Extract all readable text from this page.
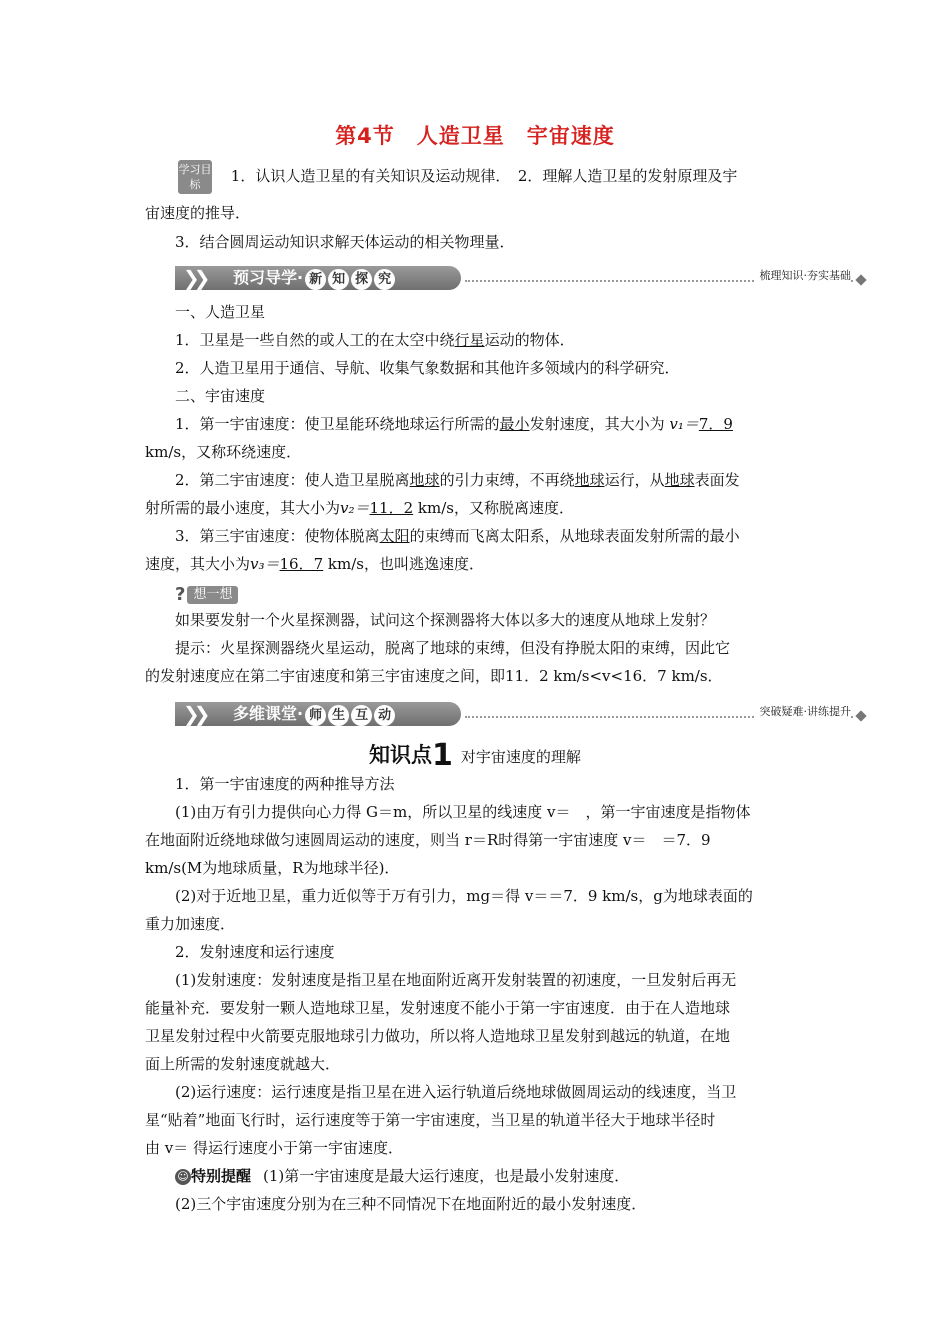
第4节　人造卫星　宇宙速度
学习目标 1．认识人造卫星的有关知识及运动规律．　2．理解人造卫星的发射原理及宇
宙速度的推导．
3．结合圆周运动知识求解天体运动的相关物理量．
❯❯ 预习导学· 新 知 探 究	梳理知识·夯实基础
一、人造卫星
1．卫星是一些自然的或人工的在太空中绕行星运动的物体．
2．人造卫星用于通信、导航、收集气象数据和其他许多领域内的科学研究．
二、宇宙速度
1．第一宇宙速度：使卫星能环绕地球运行所需的最小发射速度，其大小为 v₁＝7．9
km/s，又称环绕速度．
2．第二宇宙速度：使人造卫星脱离地球的引力束缚，不再绕地球运行，从地球表面发
射所需的最小速度，其大小为v₂＝11．2 km/s，又称脱离速度．
3．第三宇宙速度：使物体脱离太阳的束缚而飞离太阳系，从地球表面发射所需的最小
速度，其大小为v₃＝16．7 km/s，也叫逃逸速度．
? 想一想
如果要发射一个火星探测器，试问这个探测器将大体以多大的速度从地球上发射？
提示：火星探测器绕火星运动，脱离了地球的束缚，但没有挣脱太阳的束缚，因此它
的发射速度应在第二宇宙速度和第三宇宙速度之间，即11．2 km/s<v<16．7 km/s．
❯❯ 多维课堂· 师 生 互 动	突破疑难·讲练提升
知识点1 对宇宙速度的理解
1．第一宇宙速度的两种推导方法
(1)由万有引力提供向心力得 G＝m，所以卫星的线速度 v＝　，第一宇宙速度是指物体
在地面附近绕地球做匀速圆周运动的速度，则当 r＝R时得第一宇宙速度 v＝　＝7．9
km/s(M为地球质量，R为地球半径)．
(2)对于近地卫星，重力近似等于万有引力，mg＝得 v＝＝7．9 km/s，g为地球表面的
重力加速度．
2．发射速度和运行速度
(1)发射速度：发射速度是指卫星在地面附近离开发射装置的初速度，一旦发射后再无
能量补充．要发射一颗人造地球卫星，发射速度不能小于第一宇宙速度．由于在人造地球
卫星发射过程中火箭要克服地球引力做功，所以将人造地球卫星发射到越远的轨道，在地
面上所需的发射速度就越大．
(2)运行速度：运行速度是指卫星在进入运行轨道后绕地球做圆周运动的线速度，当卫
星“贴着”地面飞行时，运行速度等于第一宇宙速度，当卫星的轨道半径大于地球半径时
由 v＝ 得运行速度小于第一宇宙速度．
☺ 特别提醒 (1)第一宇宙速度是最大运行速度，也是最小发射速度．
(2)三个宇宙速度分别为在三种不同情况下在地面附近的最小发射速度．
